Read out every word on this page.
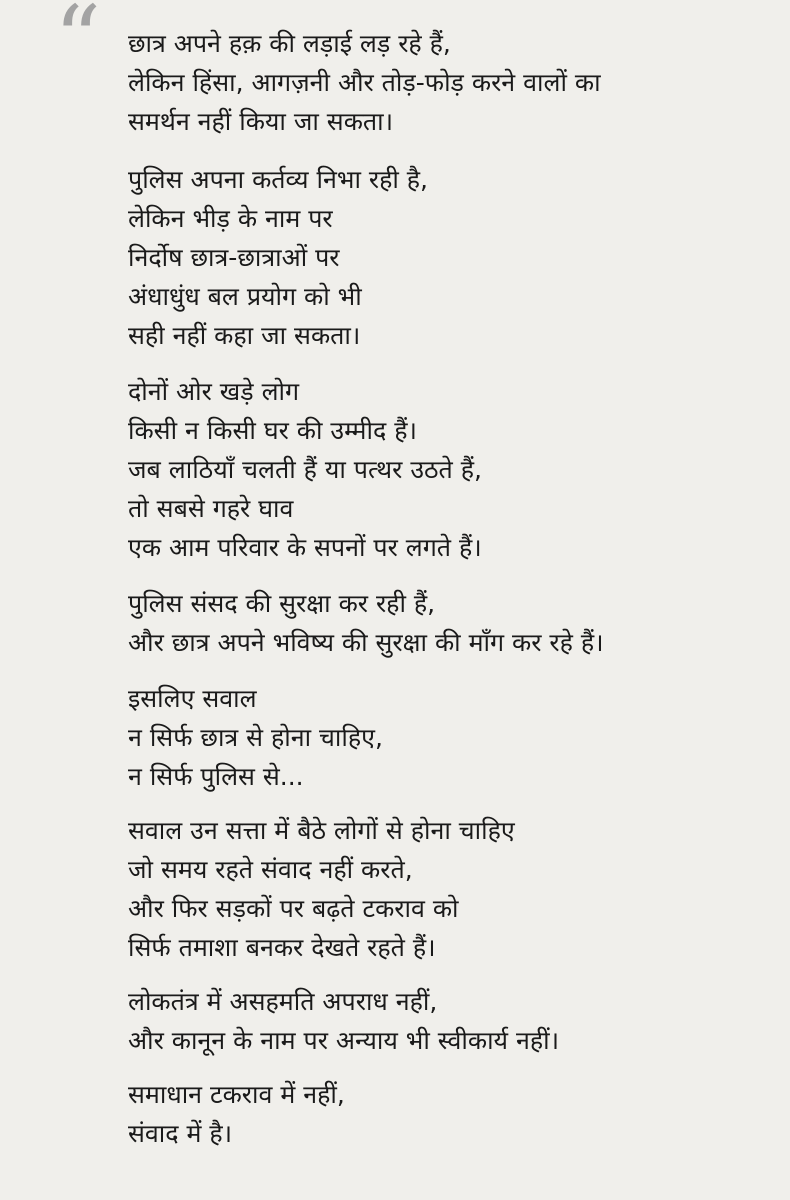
“ छात्र अपने हक़ की लड़ाई लड़ रहे हैं,
लेकिन हिंसा, आगज़नी और तोड़-फोड़ करने वालों का
समर्थन नहीं किया जा सकता।
पुलिस अपना कर्तव्य निभा रही है,
लेकिन भीड़ के नाम पर
निर्दोष छात्र-छात्राओं पर
अंधाधुंध बल प्रयोग को भी
सही नहीं कहा जा सकता।
दोनों ओर खड़े लोग
किसी न किसी घर की उम्मीद हैं।
जब लाठियाँ चलती हैं या पत्थर उठते हैं,
तो सबसे गहरे घाव
एक आम परिवार के सपनों पर लगते हैं।
पुलिस संसद की सुरक्षा कर रही हैं,
और छात्र अपने भविष्य की सुरक्षा की माँग कर रहे हैं।
इसलिए सवाल
न सिर्फ छात्र से होना चाहिए,
न सिर्फ पुलिस से...
सवाल उन सत्ता में बैठे लोगों से होना चाहिए
जो समय रहते संवाद नहीं करते,
और फिर सड़कों पर बढ़ते टकराव को
सिर्फ तमाशा बनकर देखते रहते हैं।
लोकतंत्र में असहमति अपराध नहीं,
और कानून के नाम पर अन्याय भी स्वीकार्य नहीं।
समाधान टकराव में नहीं,
संवाद में है।
